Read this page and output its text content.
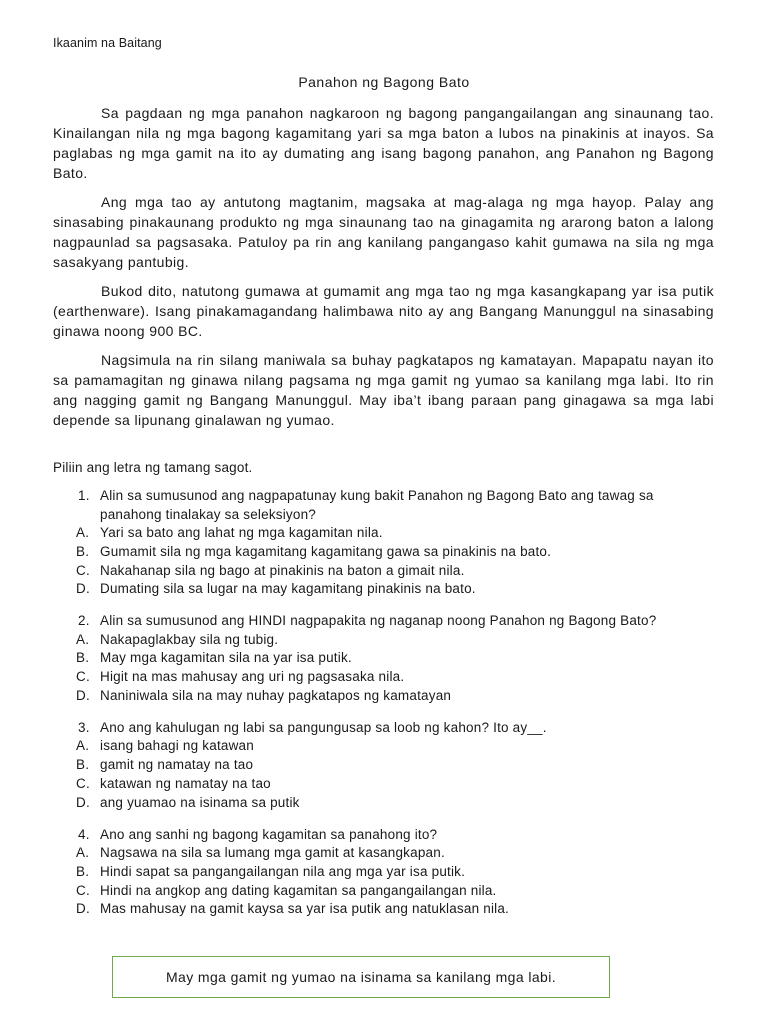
Ikaanim na Baitang
Panahon ng Bagong Bato

Sa pagdaan ng mga panahon nagkaroon ng bagong pangangailangan ang sinaunang tao. Kinailangan nila ng mga bagong kagamitang yari sa mga baton a lubos na pinakinis at inayos. Sa paglabas ng mga gamit na ito ay dumating ang isang bagong panahon, ang Panahon ng Bagong Bato.

Ang mga tao ay antutong magtanim, magsaka at mag-alaga ng mga hayop. Palay ang sinasabing pinakaunang produkto ng mga sinaunang tao na ginagamita ng ararong baton a lalong nagpaunlad sa pagsasaka. Patuloy pa rin ang kanilang pangangaso kahit gumawa na sila ng mga sasakyang pantubig.

Bukod dito, natutong gumawa at gumamit ang mga tao ng mga kasangkapang yar isa putik (earthenware). Isang pinakamagandang halimbawa nito ay ang Bangang Manunggul na sinasabing ginawa noong 900 BC.

Nagsimula na rin silang maniwala sa buhay pagkatapos ng kamatayan. Mapapatu nayan ito sa pamamagitan ng ginawa nilang pagsama ng mga gamit ng yumao sa kanilang mga labi. Ito rin ang nagging gamit ng Bangang Manunggul. May iba’t ibang paraan pang ginagawa sa mga labi depende sa lipunang ginalawan ng yumao.

Piliin ang letra ng tamang sagot.
1. Alin sa sumusunod ang nagpapatunay kung bakit Panahon ng Bagong Bato ang tawag sa panahong tinalakay sa seleksiyon?
A. Yari sa bato ang lahat ng mga kagamitan nila.
B. Gumamit sila ng mga kagamitang kagamitang gawa sa pinakinis na bato.
C. Nakahanap sila ng bago at pinakinis na baton a gimait nila.
D. Dumating sila sa lugar na may kagamitang pinakinis na bato.
2. Alin sa sumusunod ang HINDI nagpapakita ng naganap noong Panahon ng Bagong Bato?
A. Nakapaglakbay sila ng tubig.
B. May mga kagamitan sila na yar isa putik.
C. Higit na mas mahusay ang uri ng pagsasaka nila.
D. Naniniwala sila na may nuhay pagkatapos ng kamatayan
3. Ano ang kahulugan ng labi sa pangungusap sa loob ng kahon? Ito ay__.
A. isang bahagi ng katawan
B. gamit ng namatay na tao
C. katawan ng namatay na tao
D. ang yuamao na isinama sa putik
4. Ano ang sanhi ng bagong kagamitan sa panahong ito?
A. Nagsawa na sila sa lumang mga gamit at kasangkapan.
B. Hindi sapat sa pangangailangan nila ang mga yar isa putik.
C. Hindi na angkop ang dating kagamitan sa pangangailangan nila.
D. Mas mahusay na gamit kaysa sa yar isa putik ang natuklasan nila.
May mga gamit ng yumao na isinama sa kanilang mga labi.
